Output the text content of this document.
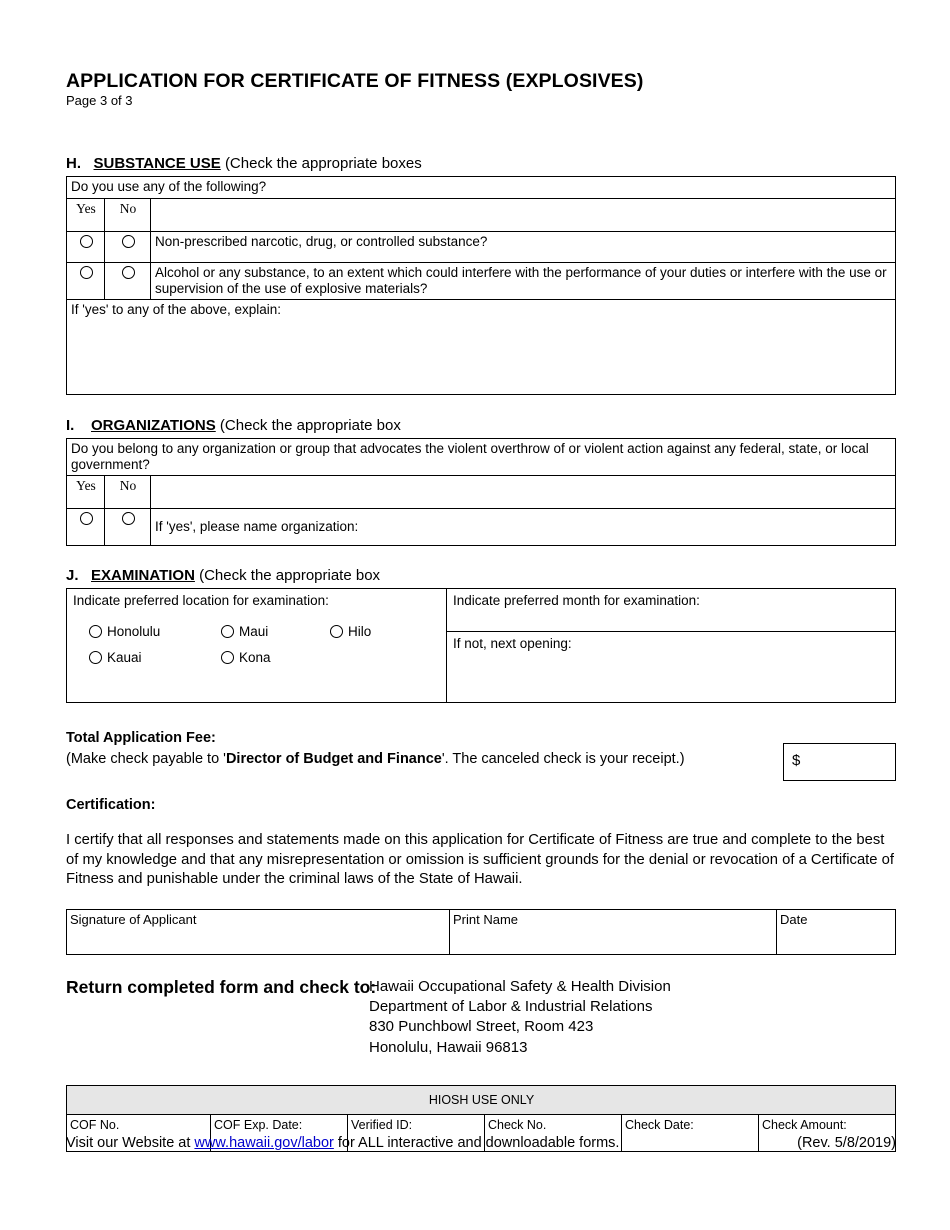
APPLICATION FOR CERTIFICATE OF FITNESS (EXPLOSIVES)

Page 3 of 3

H. SUBSTANCE USE (Check the appropriate boxes

Do you use any of the following?		
Yes	No	
		Non-prescribed narcotic, drug, or controlled substance?
		Alcohol or any substance, to an extent which could interfere with the performance of your duties or interfere with the use or supervision of the use of explosive materials?
If 'yes' to any of the above, explain:		

I. ORGANIZATIONS (Check the appropriate box

Do you belong to any organization or group that advocates the violent overthrow of or violent action against any federal, state, or local government?		
Yes	No	
		If 'yes', please name organization:

J. EXAMINATION (Check the appropriate box

Indicate preferred location for examination:
Honolulu	Maui	Hilo
Kauai	Kona	
	Indicate preferred month for examination:
If not, next opening:

Total Application Fee:

(Make check payable to 'Director of Budget and Finance'. The canceled check is your receipt.)	$

Certification:

I certify that all responses and statements made on this application for Certificate of Fitness are true and complete to the best of my knowledge and that any misrepresentation or omission is sufficient grounds for the denial or revocation of a Certificate of Fitness and punishable under the criminal laws of the State of Hawaii.

Signature of Applicant	Print Name	Date

Return completed form and check to:

Hawaii Occupational Safety & Health Division
Department of Labor & Industrial Relations
830 Punchbowl Street, Room 423
Honolulu, Hawaii 96813
HIOSH USE ONLY
COF No.	COF Exp. Date:	Verified ID:	Check No.	Check Date:	Check Amount:
Visit our Website at www.hawaii.gov/labor for ALL interactive and downloadable forms.	(Rev. 5/8/2019)
